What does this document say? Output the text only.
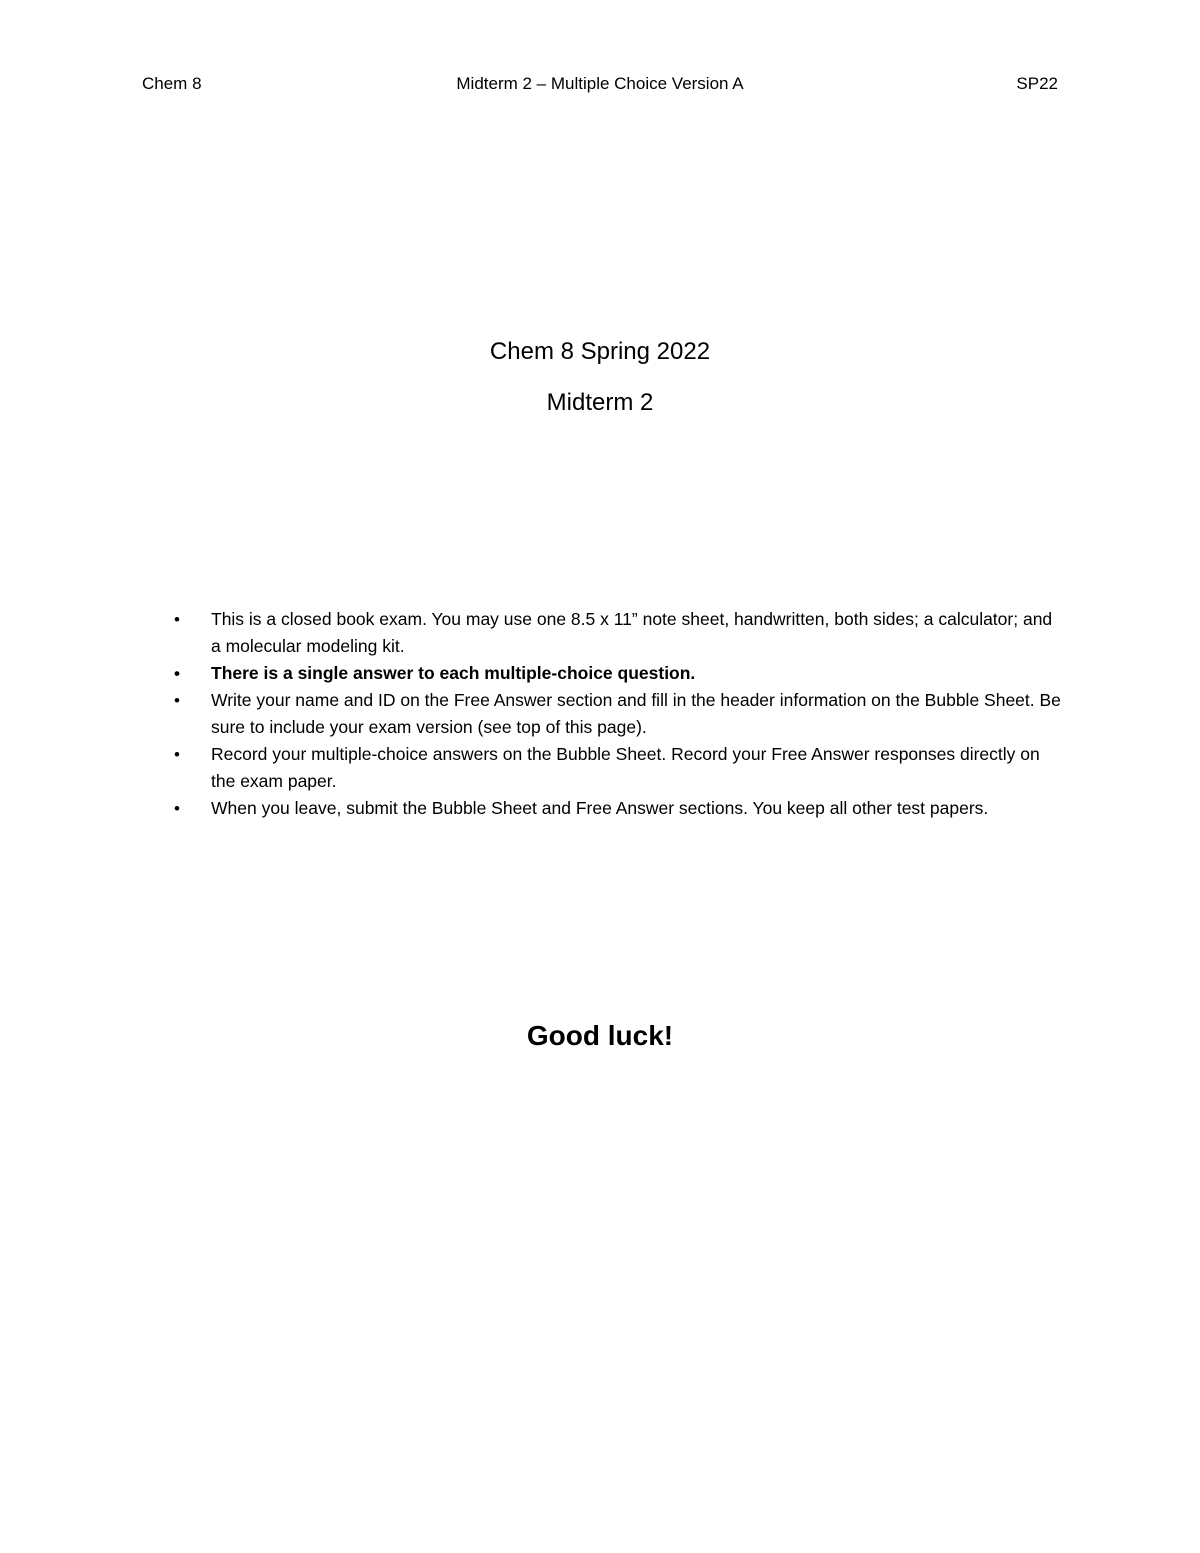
Chem 8	Midterm 2 – Multiple Choice Version A	SP22

Chem 8 Spring 2022

Midterm 2

• This is a closed book exam. You may use one 8.5 x 11” note sheet, handwritten, both sides; a calculator; and a molecular modeling kit.
• There is a single answer to each multiple-choice question.
• Write your name and ID on the Free Answer section and fill in the header information on the Bubble Sheet. Be sure to include your exam version (see top of this page).
• Record your multiple-choice answers on the Bubble Sheet. Record your Free Answer responses directly on the exam paper.
• When you leave, submit the Bubble Sheet and Free Answer sections. You keep all other test papers.
Good luck!
